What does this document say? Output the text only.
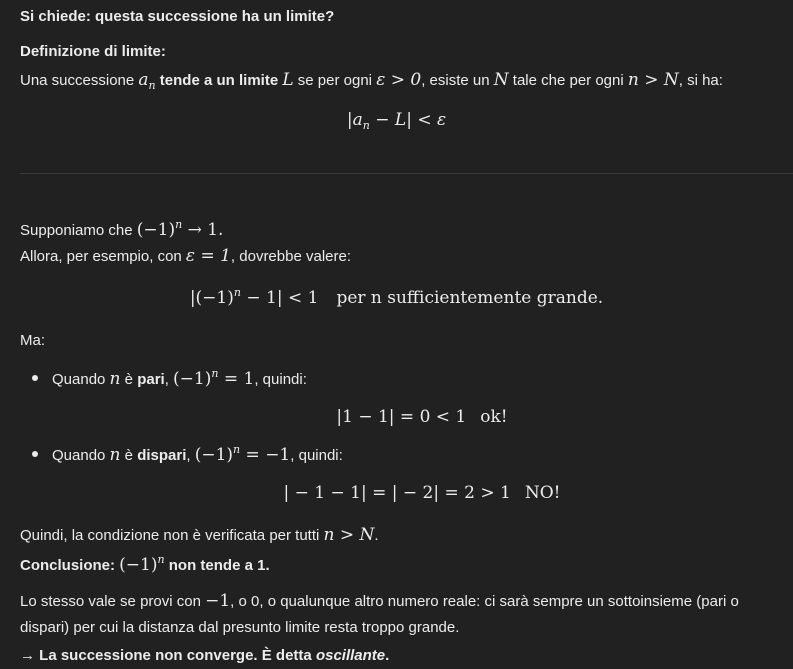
Si chiede: questa successione ha un limite?
Definizione di limite:
Una successione $a_n$ tende a un limite L se per ogni ε > 0, esiste un N tale che per ogni n > N, si ha:
$|a_n - L| < \varepsilon$
Supponiamo che $(-1)^n \to 1$.
Allora, per esempio, con ε = 1, dovrebbe valere:
$|(-1)^n - 1| < 1$ per n sufficientemente grande.
Ma:
Quando n è pari, $(-1)^n = 1$, quindi:
|1 − 1| = 0 < 1 ok!
Quando n è dispari, $(-1)^n = -1$, quindi:
| − 1 − 1| = | − 2| = 2 > 1 NO!
Quindi, la condizione non è verificata per tutti n > N.
Conclusione: $(-1)^n$ non tende a 1.
Lo stesso vale se provi con −1, o 0, o qualunque altro numero reale: ci sarà sempre un sottoinsieme (pari o
dispari) per cui la distanza dal presunto limite resta troppo grande.
→ La successione non converge. È detta oscillante.
